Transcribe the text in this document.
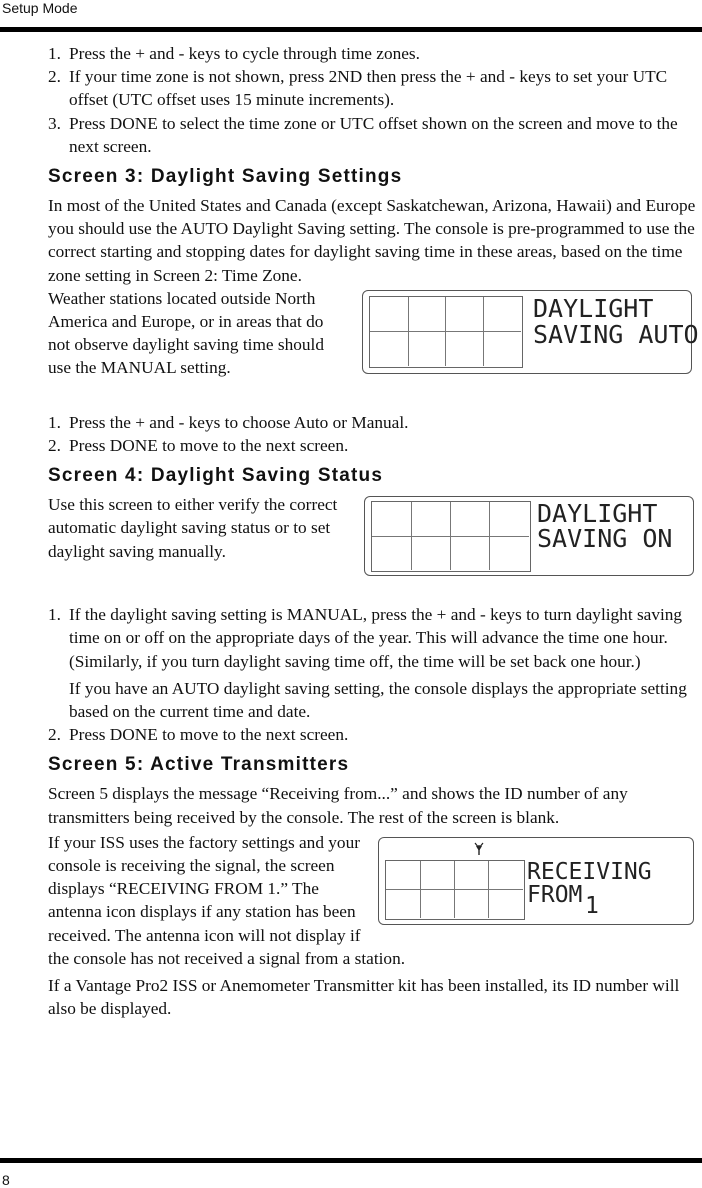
Setup Mode
1. Press the + and - keys to cycle through time zones.
2. If your time zone is not shown, press 2ND then press the + and - keys to set your UTC offset (UTC offset uses 15 minute increments).
3. Press DONE to select the time zone or UTC offset shown on the screen and move to the next screen.
Screen 3: Daylight Saving Settings

In most of the United States and Canada (except Saskatchewan, Arizona, Hawaii) and Europe you should use the AUTO Daylight Saving setting. The console is pre-programmed to use the correct starting and stopping dates for daylight saving time in these areas, based on the time zone setting in Screen 2: Time Zone.

Weather stations located outside North America and Europe, or in areas that do not observe daylight saving time should use the MANUAL setting.

DAYLIGHT
SAVING AUTO
1. Press the + and - keys to choose Auto or Manual.
2. Press DONE to move to the next screen.
Screen 4: Daylight Saving Status

Use this screen to either verify the correct automatic daylight saving status or to set daylight saving manually.

DAYLIGHT
SAVING ON
1. If the daylight saving setting is MANUAL, press the + and - keys to turn daylight saving time on or off on the appropriate days of the year. This will advance the time one hour. (Similarly, if you turn daylight saving time off, the time will be set back one hour.)

If you have an AUTO daylight saving setting, the console displays the appropriate setting based on the current time and date.

2. Press DONE to move to the next screen.
Screen 5: Active Transmitters

Screen 5 displays the message “Receiving from...” and shows the ID number of any transmitters being received by the console. The rest of the screen is blank.

RECEIVING
FROM 1

If your ISS uses the factory settings and your console is receiving the signal, the screen displays “RECEIVING FROM 1.” The antenna icon displays if any station has been received. The antenna icon will not display if the console has not received a signal from a station.

If a Vantage Pro2 ISS or Anemometer Transmitter kit has been installed, its ID number will also be displayed.

8
